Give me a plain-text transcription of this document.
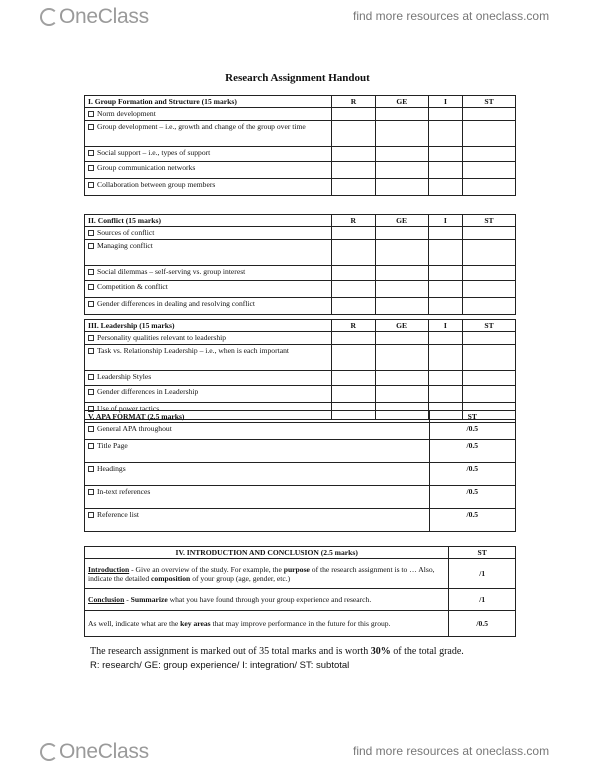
OneClass	find more resources at oneclass.com
Research Assignment Handout
I. Group Formation and Structure (15 marks)	R	GE	I	ST
Norm development				
Group development – i.e., growth and change of the group over time				
Social support – i.e., types of support				
Group communication networks				
Collaboration between group members				
II. Conflict (15 marks)	R	GE	I	ST
Sources of conflict				
Managing conflict				
Social dilemmas – self-serving vs. group interest				
Competition & conflict				
Gender differences in dealing and resolving conflict				
III. Leadership (15 marks)	R	GE	I	ST
Personality qualities relevant to leadership				
Task vs. Relationship Leadership – i.e., when is each important				
Leadership Styles				
Gender differences in Leadership				
Use of power tactics				
V. APA FORMAT (2.5 marks)	ST
General APA throughout	/0.5
Title Page	/0.5
Headings	/0.5
In-text references	/0.5
Reference list	/0.5
IV. INTRODUCTION AND CONCLUSION (2.5 marks)	ST
Introduction - Give an overview of the study. For example, the purpose of the research assignment is to … Also, indicate the detailed composition of your group (age, gender, etc.)	/1
Conclusion - Summarize what you have found through your group experience and research.	/1
As well, indicate what are the key areas that may improve performance in the future for this group.	/0.5
The research assignment is marked out of 35 total marks and is worth 30% of the total grade.
R: research/ GE: group experience/ I: integration/ ST: subtotal
OneClass	find more resources at oneclass.com
